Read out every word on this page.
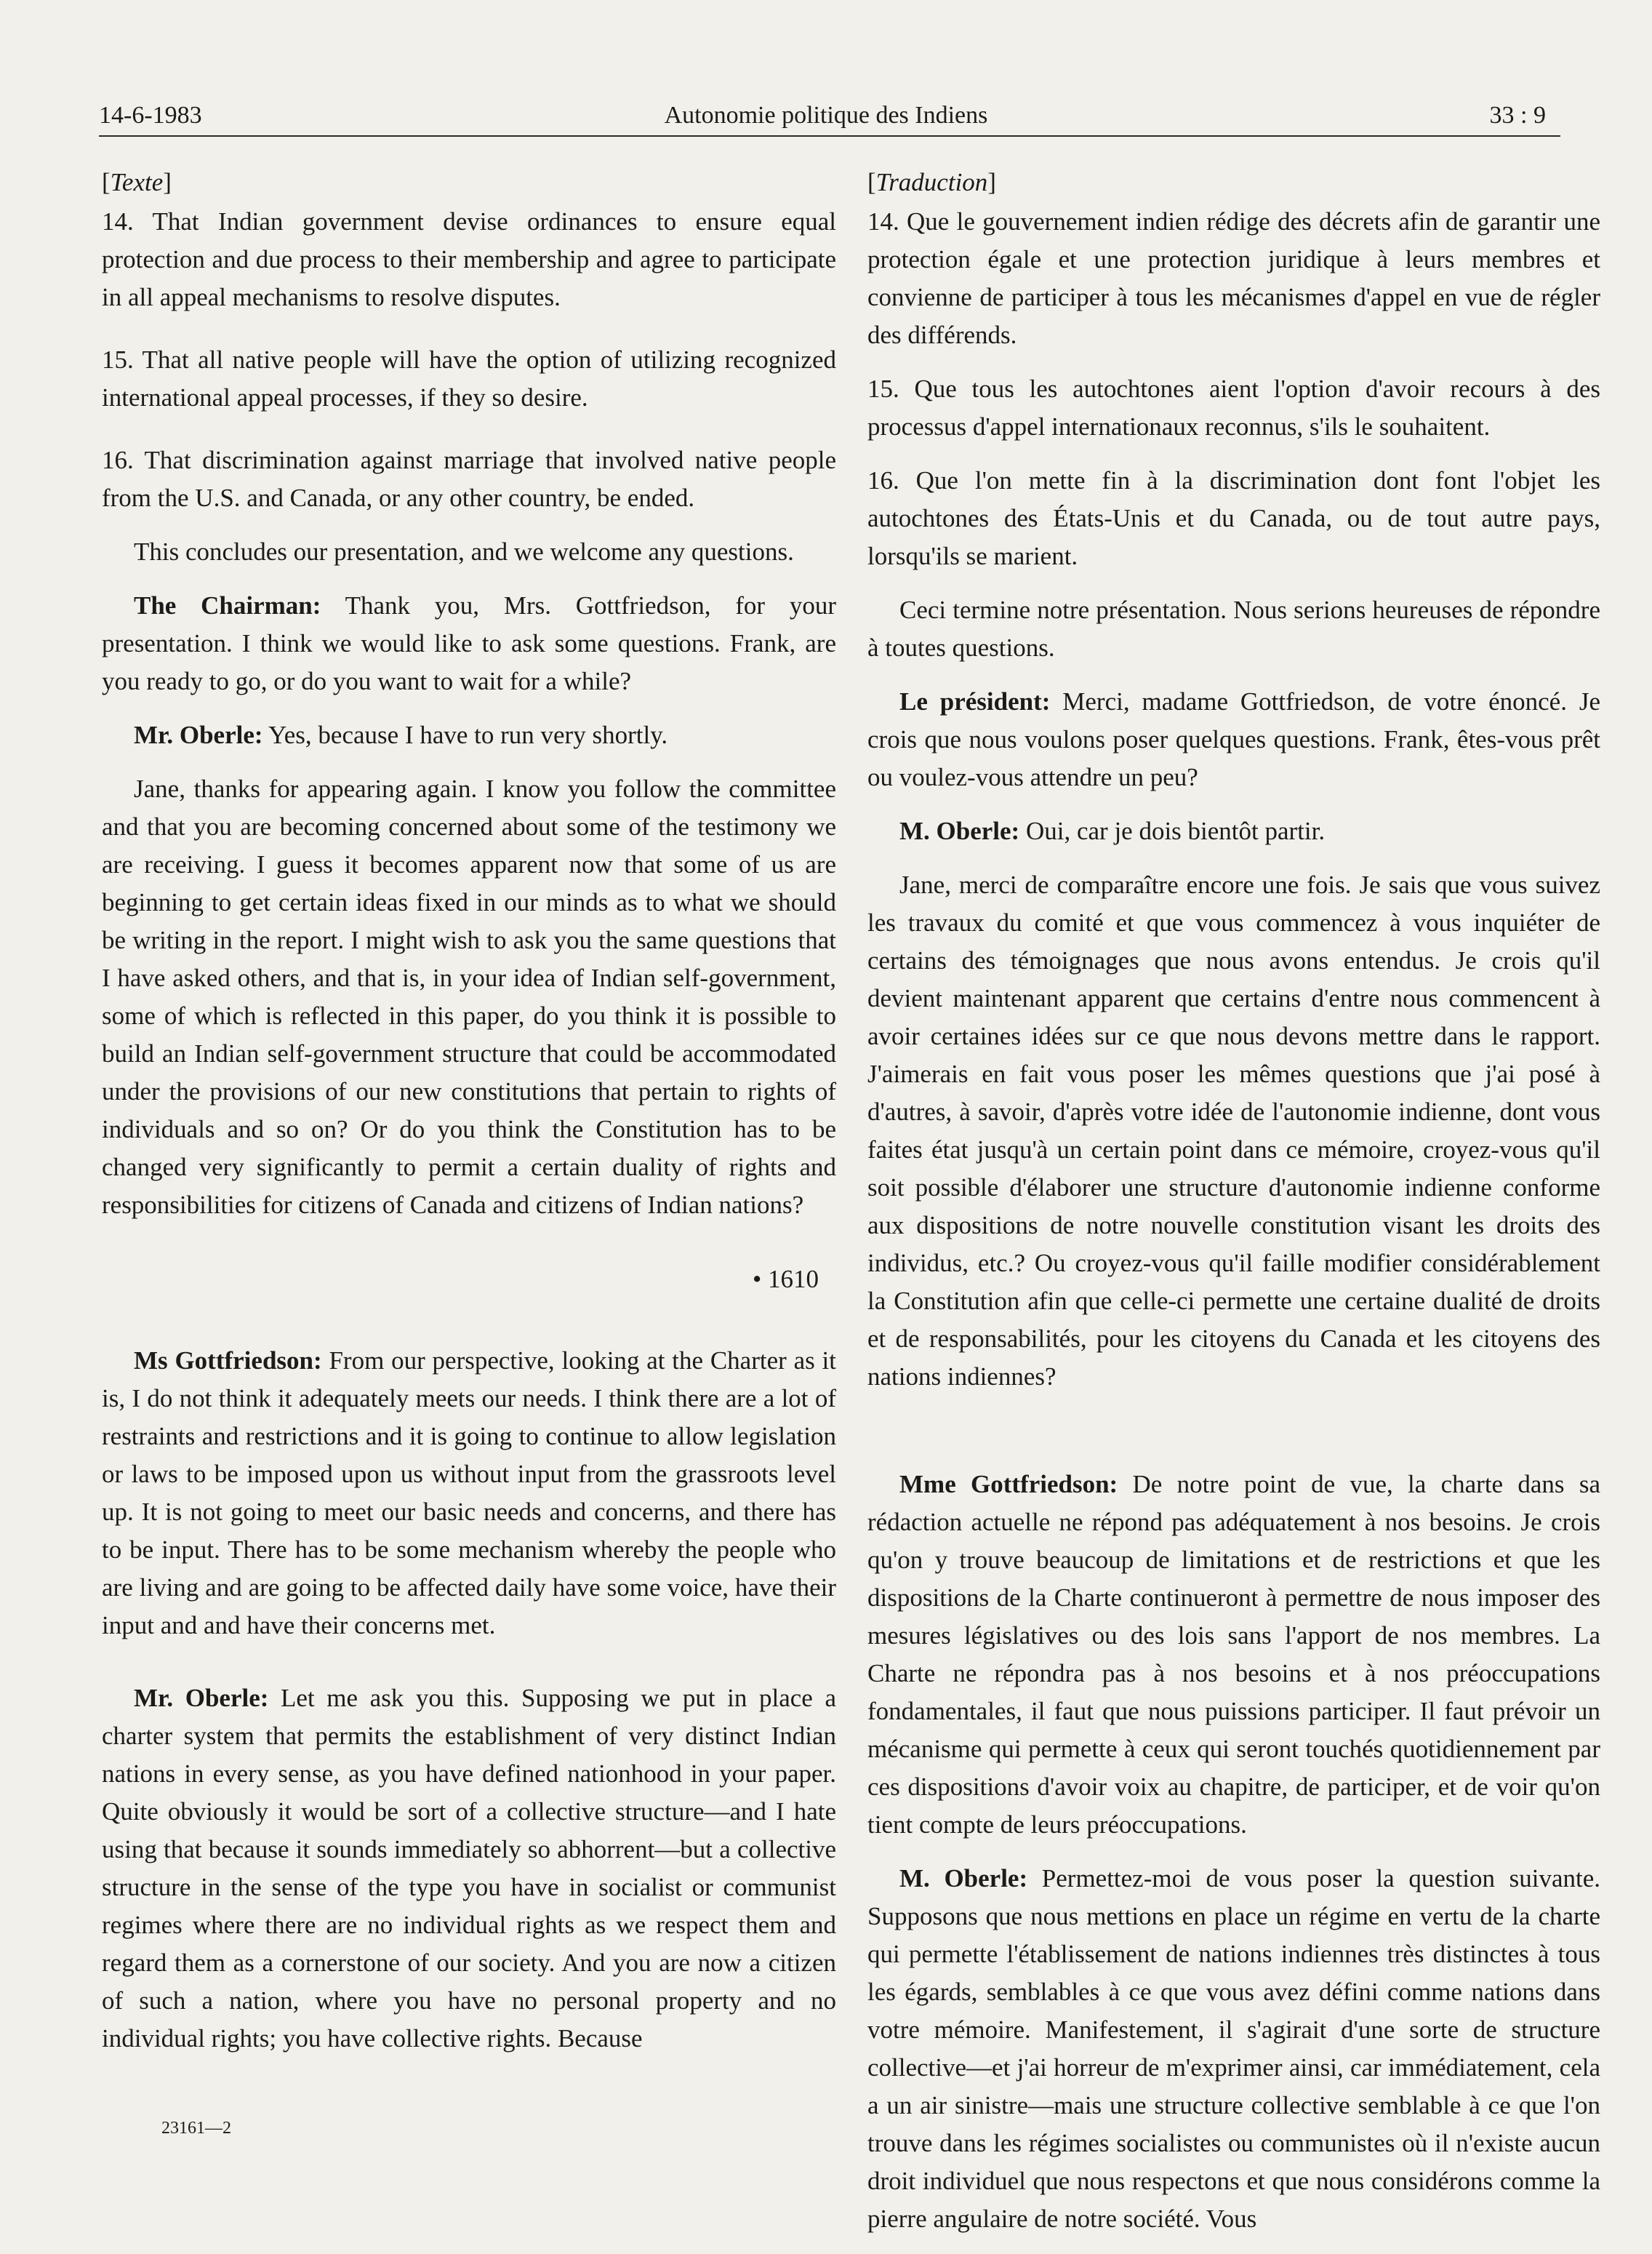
14-6-1983	Autonomie politique des Indiens	33 : 9

[Texte]

14. That Indian government devise ordinances to ensure equal protection and due process to their membership and agree to participate in all appeal mechanisms to resolve disputes.

15. That all native people will have the option of utilizing recognized international appeal processes, if they so desire.

16. That discrimination against marriage that involved native people from the U.S. and Canada, or any other country, be ended.

This concludes our presentation, and we welcome any questions.

The Chairman: Thank you, Mrs. Gottfriedson, for your presentation. I think we would like to ask some questions. Frank, are you ready to go, or do you want to wait for a while?

Mr. Oberle: Yes, because I have to run very shortly.

Jane, thanks for appearing again. I know you follow the committee and that you are becoming concerned about some of the testimony we are receiving. I guess it becomes apparent now that some of us are beginning to get certain ideas fixed in our minds as to what we should be writing in the report. I might wish to ask you the same questions that I have asked others, and that is, in your idea of Indian self-government, some of which is reflected in this paper, do you think it is possible to build an Indian self-government structure that could be accommodated under the provisions of our new constitutions that pertain to rights of individuals and so on? Or do you think the Constitution has to be changed very significantly to permit a certain duality of rights and responsibilities for citizens of Canada and citizens of Indian nations?

• 1610

Ms Gottfriedson: From our perspective, looking at the Charter as it is, I do not think it adequately meets our needs. I think there are a lot of restraints and restrictions and it is going to continue to allow legislation or laws to be imposed upon us without input from the grassroots level up. It is not going to meet our basic needs and concerns, and there has to be input. There has to be some mechanism whereby the people who are living and are going to be affected daily have some voice, have their input and and have their concerns met.

Mr. Oberle: Let me ask you this. Supposing we put in place a charter system that permits the establishment of very distinct Indian nations in every sense, as you have defined nationhood in your paper. Quite obviously it would be sort of a collective structure—and I hate using that because it sounds immediately so abhorrent—but a collective structure in the sense of the type you have in socialist or communist regimes where there are no individual rights as we respect them and regard them as a cornerstone of our society. And you are now a citizen of such a nation, where you have no personal property and no individual rights; you have collective rights. Because

[Traduction]

14. Que le gouvernement indien rédige des décrets afin de garantir une protection égale et une protection juridique à leurs membres et convienne de participer à tous les mécanismes d'appel en vue de régler des différends.

15. Que tous les autochtones aient l'option d'avoir recours à des processus d'appel internationaux reconnus, s'ils le souhaitent.

16. Que l'on mette fin à la discrimination dont font l'objet les autochtones des États-Unis et du Canada, ou de tout autre pays, lorsqu'ils se marient.

Ceci termine notre présentation. Nous serions heureuses de répondre à toutes questions.

Le président: Merci, madame Gottfriedson, de votre énoncé. Je crois que nous voulons poser quelques questions. Frank, êtes-vous prêt ou voulez-vous attendre un peu?

M. Oberle: Oui, car je dois bientôt partir.

Jane, merci de comparaître encore une fois. Je sais que vous suivez les travaux du comité et que vous commencez à vous inquiéter de certains des témoignages que nous avons entendus. Je crois qu'il devient maintenant apparent que certains d'entre nous commencent à avoir certaines idées sur ce que nous devons mettre dans le rapport. J'aimerais en fait vous poser les mêmes questions que j'ai posé à d'autres, à savoir, d'après votre idée de l'autonomie indienne, dont vous faites état jusqu'à un certain point dans ce mémoire, croyez-vous qu'il soit possible d'élaborer une structure d'autonomie indienne conforme aux dispositions de notre nouvelle constitution visant les droits des individus, etc.? Ou croyez-vous qu'il faille modifier considérablement la Constitution afin que celle-ci permette une certaine dualité de droits et de responsabilités, pour les citoyens du Canada et les citoyens des nations indiennes?

Mme Gottfriedson: De notre point de vue, la charte dans sa rédaction actuelle ne répond pas adéquatement à nos besoins. Je crois qu'on y trouve beaucoup de limitations et de restrictions et que les dispositions de la Charte continueront à permettre de nous imposer des mesures législatives ou des lois sans l'apport de nos membres. La Charte ne répondra pas à nos besoins et à nos préoccupations fondamentales, il faut que nous puissions participer. Il faut prévoir un mécanisme qui permette à ceux qui seront touchés quotidiennement par ces dispositions d'avoir voix au chapitre, de participer, et de voir qu'on tient compte de leurs préoccupations.

M. Oberle: Permettez-moi de vous poser la question suivante. Supposons que nous mettions en place un régime en vertu de la charte qui permette l'établissement de nations indiennes très distinctes à tous les égards, semblables à ce que vous avez défini comme nations dans votre mémoire. Manifestement, il s'agirait d'une sorte de structure collective—et j'ai horreur de m'exprimer ainsi, car immédiatement, cela a un air sinistre—mais une structure collective semblable à ce que l'on trouve dans les régimes socialistes ou communistes où il n'existe aucun droit individuel que nous respectons et que nous considérons comme la pierre angulaire de notre société. Vous

23161—2
